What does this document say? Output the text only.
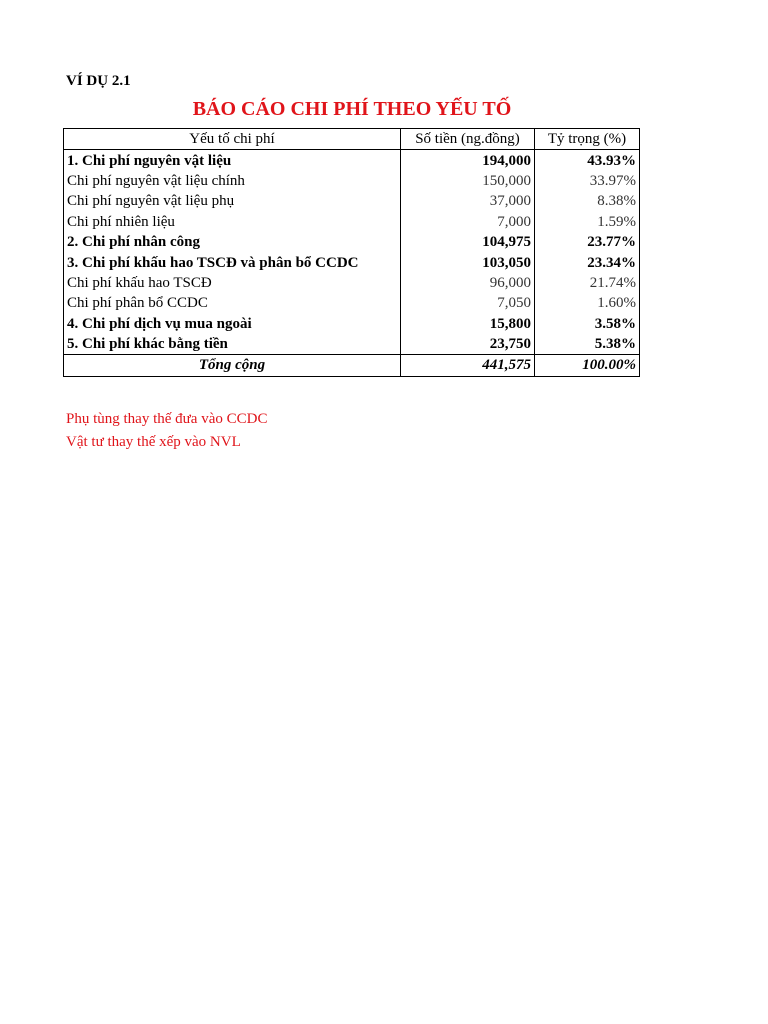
VÍ DỤ 2.1
BÁO CÁO CHI PHÍ THEO YẾU TỐ
Yếu tố chi phí	Số tiền (ng.đồng)	Tỷ trọng (%)
1. Chi phí nguyên vật liệu	194,000	43.93%
Chi phí nguyên vật liệu chính	150,000	33.97%
Chi phí nguyên vật liệu phụ	37,000	8.38%
Chi phí nhiên liệu	7,000	1.59%
2. Chi phí nhân công	104,975	23.77%
3. Chi phí khấu hao TSCĐ và phân bổ CCDC	103,050	23.34%
Chi phí khấu hao TSCĐ	96,000	21.74%
Chi phí phân bổ CCDC	7,050	1.60%
4. Chi phí dịch vụ mua ngoài	15,800	3.58%
5. Chi phí khác bằng tiền	23,750	5.38%
Tổng cộng	441,575	100.00%
Phụ tùng thay thế đưa vào CCDC
Vật tư thay thế xếp vào NVL
